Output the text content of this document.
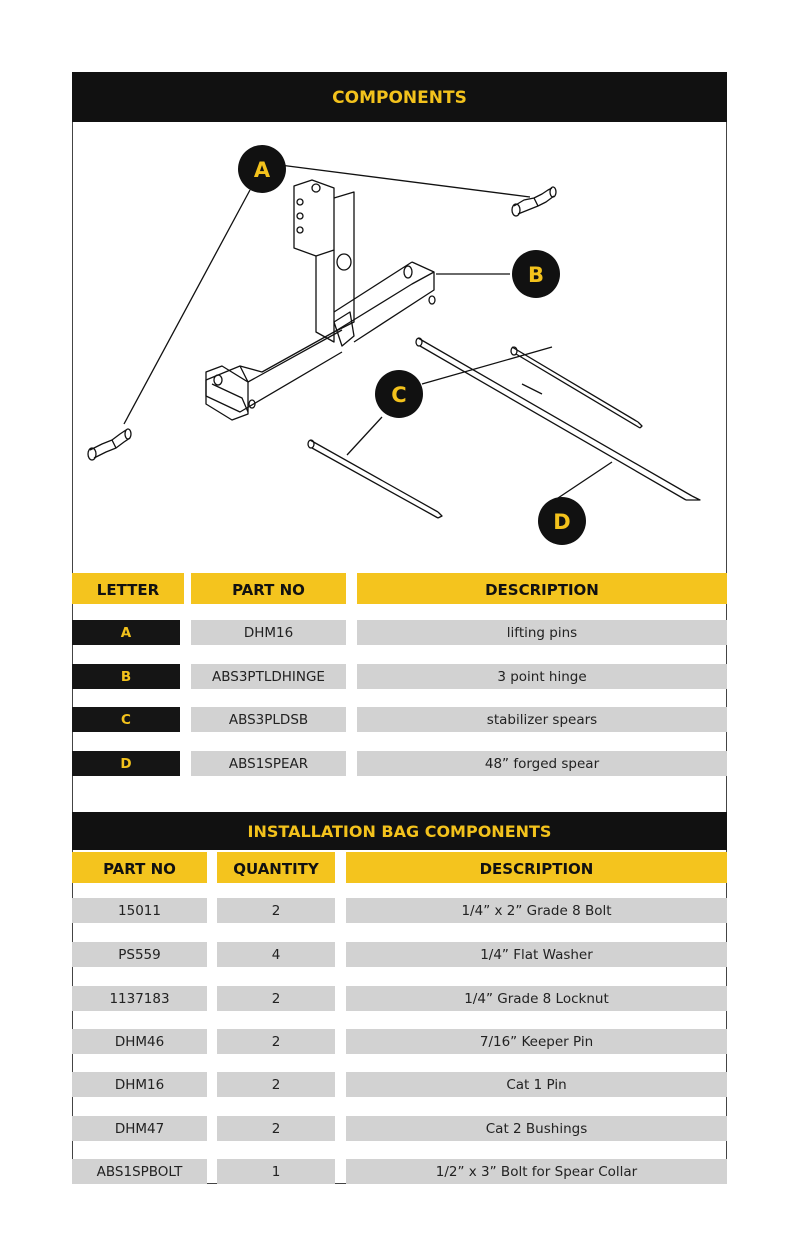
COMPONENTS
A
B
C
D
LETTER	PART NO	DESCRIPTION
A	DHM16	lifting pins
B	ABS3PTLDHINGE	3 point hinge
C	ABS3PLDSB	stabilizer spears
D	ABS1SPEAR	48” forged spear
INSTALLATION BAG COMPONENTS
PART NO	QUANTITY	DESCRIPTION
15011	2	1/4” x 2” Grade 8 Bolt
PS559	4	1/4” Flat Washer
1137183	2	1/4” Grade 8 Locknut
DHM46	2	7/16” Keeper Pin
DHM16	2	Cat 1 Pin
DHM47	2	Cat 2 Bushings
ABS1SPBOLT	1	1/2” x 3” Bolt for Spear Collar
